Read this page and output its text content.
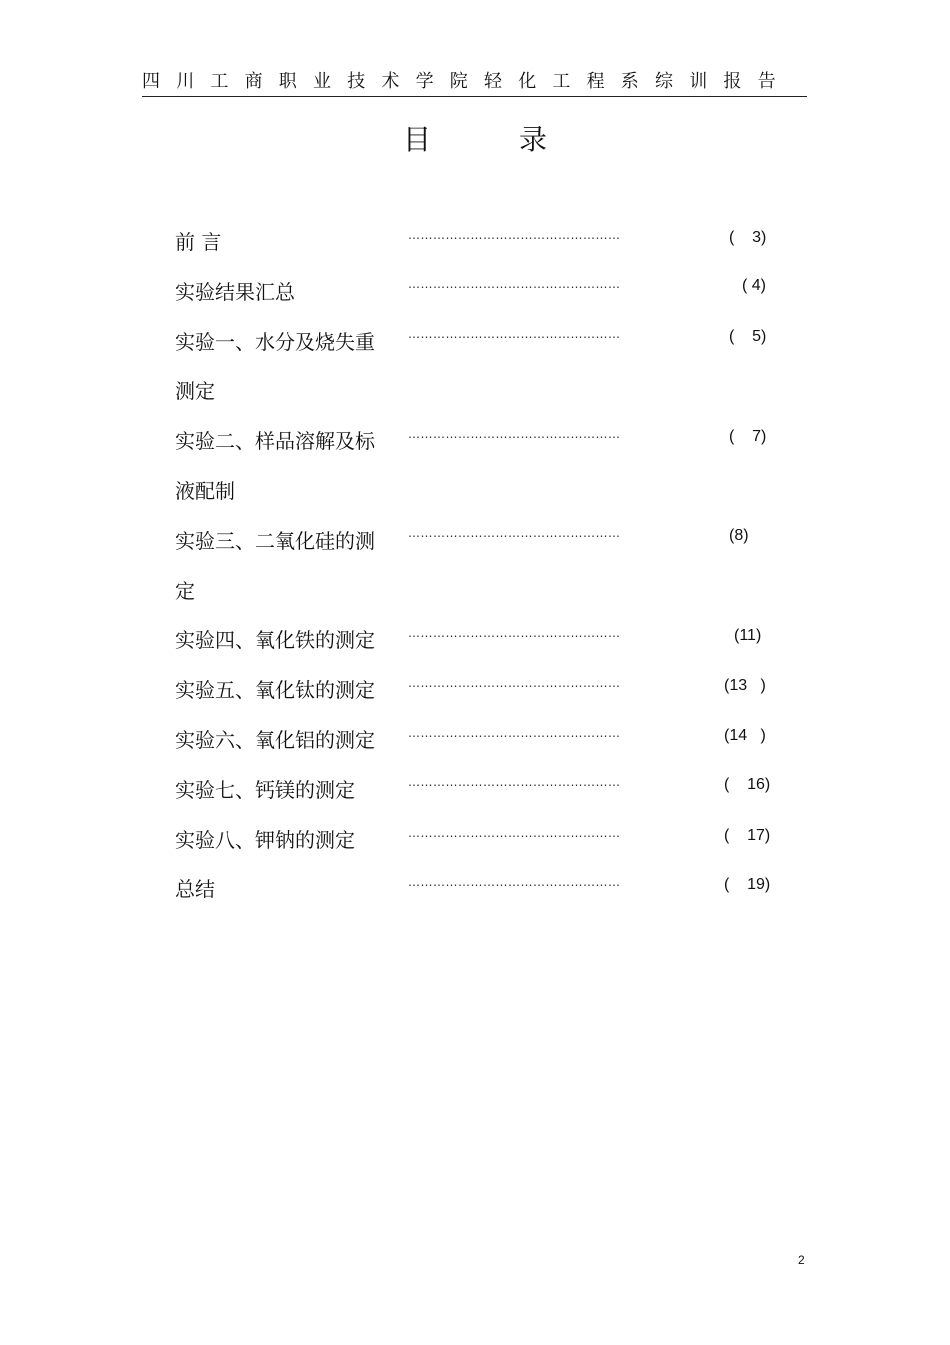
四川工商职业技术学院轻化工程系综训报告
目	录
前 言	……………………………………………	(    3)
实验结果汇总	……………………………………………	( 4)
实验一、水分及烧失重	……………………………………………	(    5)
测定
实验二、样品溶解及标	……………………………………………	(    7)
液配制
实验三、二氧化硅的测	……………………………………………	(8)
定
实验四、氧化铁的测定	……………………………………………	(11)
实验五、氧化钛的测定	……………………………………………	(13   )
实验六、氧化铝的测定	……………………………………………	(14   )
实验七、钙镁的测定	……………………………………………	(    16)
实验八、钾钠的测定	……………………………………………	(    17)
总结	……………………………………………	(    19)
2
